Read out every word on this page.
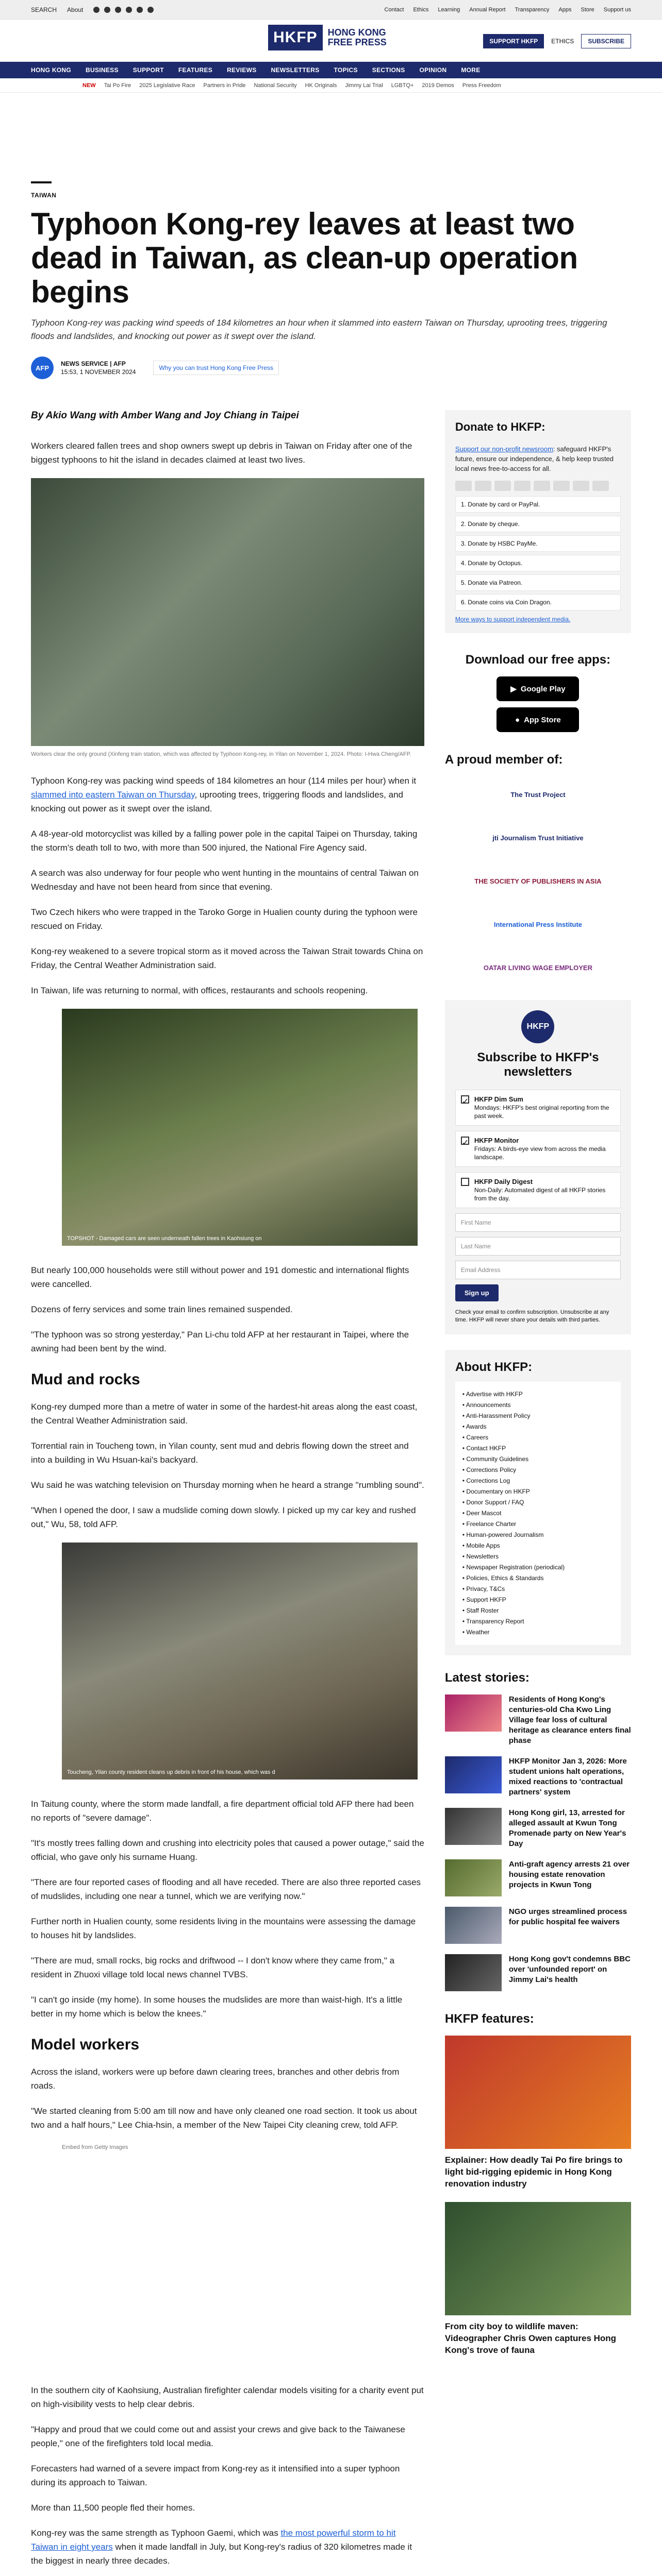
SEARCH About	Contact Ethics Learning Annual Report Transparency Apps Store Support us
HKFP	HONG KONG
FREE PRESS	SUPPORT HKFP	ETHICS	SUBSCRIBE
HONG KONG BUSINESS SUPPORT FEATURES REVIEWS NEWSLETTERS TOPICS SECTIONS OPINION MORE
NEW Tai Po Fire 2025 Legislative Race Partners in Pride National Security HK Originals Jimmy Lai Trial LGBTQ+ 2019 Demos Press Freedom
TAIWAN
Typhoon Kong-rey leaves at least two dead in Taiwan, as clean-up operation begins
Typhoon Kong-rey was packing wind speeds of 184 kilometres an hour when it slammed into eastern Taiwan on Thursday, uprooting trees, triggering floods and landslides, and knocking out power as it swept over the island.
AFP
NEWS SERVICE | AFP
15:53, 1 NOVEMBER 2024
Why you can trust Hong Kong Free Press
By Akio Wang with Amber Wang and Joy Chiang in Taipei

Workers cleared fallen trees and shop owners swept up debris in Taiwan on Friday after one of the biggest typhoons to hit the island in decades claimed at least two lives.

Workers clear the only ground (Xinfeng train station, which was affected by Typhoon Kong-rey, in Yilan on November 1, 2024. Photo: I-Hwa Cheng/AFP.

Typhoon Kong-rey was packing wind speeds of 184 kilometres an hour (114 miles per hour) when it slammed into eastern Taiwan on Thursday, uprooting trees, triggering floods and landslides, and knocking out power as it swept over the island.

A 48-year-old motorcyclist was killed by a falling power pole in the capital Taipei on Thursday, taking the storm's death toll to two, with more than 500 injured, the National Fire Agency said.

A search was also underway for four people who went hunting in the mountains of central Taiwan on Wednesday and have not been heard from since that evening.

Two Czech hikers who were trapped in the Taroko Gorge in Hualien county during the typhoon were rescued on Friday.

Kong-rey weakened to a severe tropical storm as it moved across the Taiwan Strait towards China on Friday, the Central Weather Administration said.

In Taiwan, life was returning to normal, with offices, restaurants and schools reopening.

TOPSHOT - Damaged cars are seen underneath fallen trees in Kaohsiung on

But nearly 100,000 households were still without power and 191 domestic and international flights were cancelled.

Dozens of ferry services and some train lines remained suspended.

"The typhoon was so strong yesterday," Pan Li-chu told AFP at her restaurant in Taipei, where the awning had been bent by the wind.

Mud and rocks

Kong-rey dumped more than a metre of water in some of the hardest-hit areas along the east coast, the Central Weather Administration said.

Torrential rain in Toucheng town, in Yilan county, sent mud and debris flowing down the street and into a building in Wu Hsuan-kai's backyard.

Wu said he was watching television on Thursday morning when he heard a strange "rumbling sound".

"When I opened the door, I saw a mudslide coming down slowly. I picked up my car key and rushed out," Wu, 58, told AFP.

Toucheng, Yilan county resident cleans up debris in front of his house, which was d

In Taitung county, where the storm made landfall, a fire department official told AFP there had been no reports of "severe damage".

"It's mostly trees falling down and crushing into electricity poles that caused a power outage," said the official, who gave only his surname Huang.

"There are four reported cases of flooding and all have receded. There are also three reported cases of mudslides, including one near a tunnel, which we are verifying now."

Further north in Hualien county, some residents living in the mountains were assessing the damage to houses hit by landslides.

"There are mud, small rocks, big rocks and driftwood -- I don't know where they came from," a resident in Zhuoxi village told local news channel TVBS.

"I can't go inside (my home). In some houses the mudslides are more than waist-high. It's a little better in my home which is below the knees."

Model workers

Across the island, workers were up before dawn clearing trees, branches and other debris from roads.

"We started cleaning from 5:00 am till now and have only cleaned one road section. It took us about two and a half hours," Lee Chia-hsin, a member of the New Taipei City cleaning crew, told AFP.

Embed from Getty Images

In the southern city of Kaohsiung, Australian firefighter calendar models visiting for a charity event put on high-visibility vests to help clear debris.

"Happy and proud that we could come out and assist your crews and give back to the Taiwanese people," one of the firefighters told local media.

Forecasters had warned of a severe impact from Kong-rey as it intensified into a super typhoon during its approach to Taiwan.

More than 11,500 people fled their homes.

Kong-rey was the same strength as Typhoon Gaemi, which was the most powerful storm to hit Taiwan in eight years when it made landfall in July, but Kong-rey's radius of 320 kilometres made it the biggest in nearly three decades.

Donate to HKFP:

Support our non-profit newsroom: safeguard HKFP's future, ensure our independence, & help keep trusted local news free-to-access for all.

1. Donate by card or PayPal.
2. Donate by cheque.
3. Donate by HSBC PayMe.
4. Donate by Octopus.
5. Donate via Patreon.
6. Donate coins via Coin Dragon.
More ways to support independent media.
Download our free apps:
▶ Google Play
● App Store
A proud member of:
The Trust Project
jti Journalism Trust Initiative
THE SOCIETY OF PUBLISHERS IN ASIA
International Press Institute
OATAR LIVING WAGE EMPLOYER
HKFP
Subscribe to HKFP's newsletters
✓ HKFP Dim Sum
Mondays: HKFP's best original reporting from the past week.
✓ HKFP Monitor
Fridays: A birds-eye view from across the media landscape.
HKFP Daily Digest
Non-Daily: Automated digest of all HKFP stories from the day.
First Name
Last Name
Email Address
Sign up

Check your email to confirm subscription. Unsubscribe at any time. HKFP will never share your details with third parties.

About HKFP:
• Advertise with HKFP
• Announcements
• Anti-Harassment Policy
• Awards
• Careers
• Contact HKFP
• Community Guidelines
• Corrections Policy
• Corrections Log
• Documentary on HKFP
• Donor Support / FAQ
• Deer Mascot
• Freelance Charter
• Human-powered Journalism
• Mobile Apps
• Newsletters
• Newspaper Registration (periodical)
• Policies, Ethics & Standards
• Privacy, T&Cs
• Support HKFP
• Staff Roster
• Transparency Report
• Weather
Latest stories:
Residents of Hong Kong's centuries-old Cha Kwo Ling Village fear loss of cultural heritage as clearance enters final phase
HKFP Monitor Jan 3, 2026: More student unions halt operations, mixed reactions to 'contractual partners' system
Hong Kong girl, 13, arrested for alleged assault at Kwun Tong Promenade party on New Year's Day
Anti-graft agency arrests 21 over housing estate renovation projects in Kwun Tong
NGO urges streamlined process for public hospital fee waivers
Hong Kong gov't condemns BBC over 'unfounded report' on Jimmy Lai's health
HKFP features:
Explainer: How deadly Tai Po fire brings to light bid-rigging epidemic in Hong Kong renovation industry
From city boy to wildlife maven: Videographer Chris Owen captures Hong Kong's trove of fauna
